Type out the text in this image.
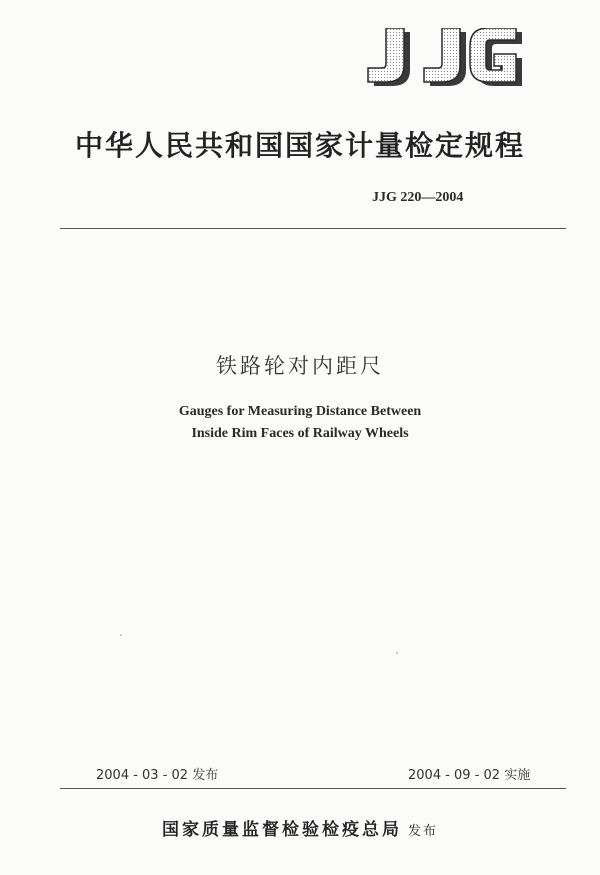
JJG
中华人民共和国国家计量检定规程
JJG 220—2004
铁路轮对内距尺
Gauges for Measuring Distance Between
Inside Rim Faces of Railway Wheels
2004 - 03 - 02 发布	2004 - 09 - 02 实施
国家质量监督检验检疫总局 发布
